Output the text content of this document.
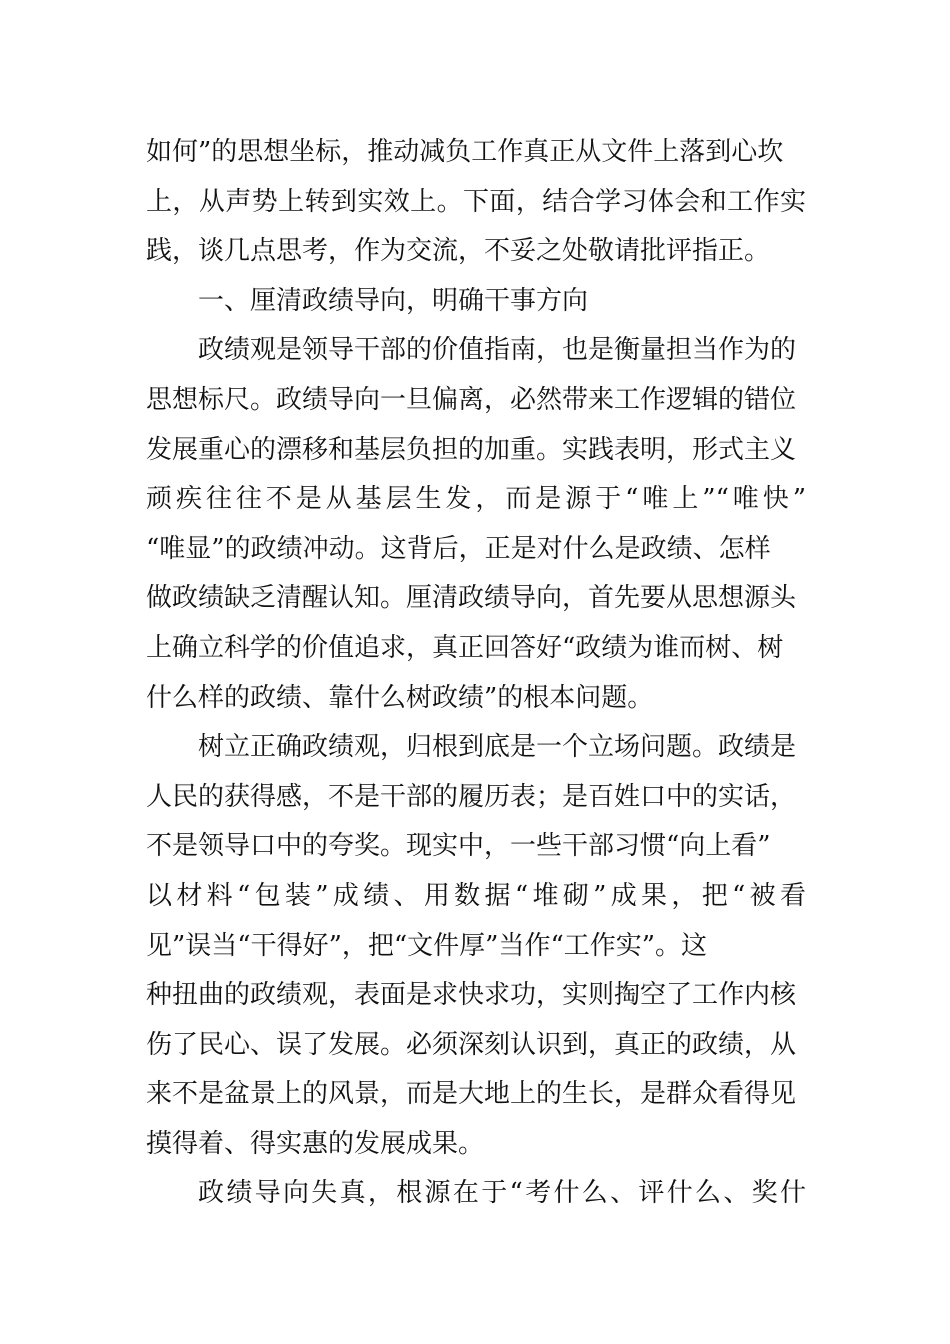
如何”的思想坐标，推动减负工作真正从文件上落到心坎
上，从声势上转到实效上。下面，结合学习体会和工作实
践，谈几点思考，作为交流，不妥之处敬请批评指正。
一、厘清政绩导向，明确干事方向
政绩观是领导干部的价值指南，也是衡量担当作为的
思想标尺。政绩导向一旦偏离，必然带来工作逻辑的错位
发展重心的漂移和基层负担的加重。实践表明，形式主义
顽疾往往不是从基层生发，而是源于“唯上”“唯快”
“唯显”的政绩冲动。这背后，正是对什么是政绩、怎样
做政绩缺乏清醒认知。厘清政绩导向，首先要从思想源头
上确立科学的价值追求，真正回答好“政绩为谁而树、树
什么样的政绩、靠什么树政绩”的根本问题。
树立正确政绩观，归根到底是一个立场问题。政绩是
人民的获得感，不是干部的履历表；是百姓口中的实话，
不是领导口中的夸奖。现实中，一些干部习惯“向上看”
以材料“包装”成绩、用数据“堆砌”成果，把“被看
见”误当“干得好”，把“文件厚”当作“工作实”。这
种扭曲的政绩观，表面是求快求功，实则掏空了工作内核
伤了民心、误了发展。必须深刻认识到，真正的政绩，从
来不是盆景上的风景，而是大地上的生长，是群众看得见
摸得着、得实惠的发展成果。
政绩导向失真，根源在于“考什么、评什么、奖什
